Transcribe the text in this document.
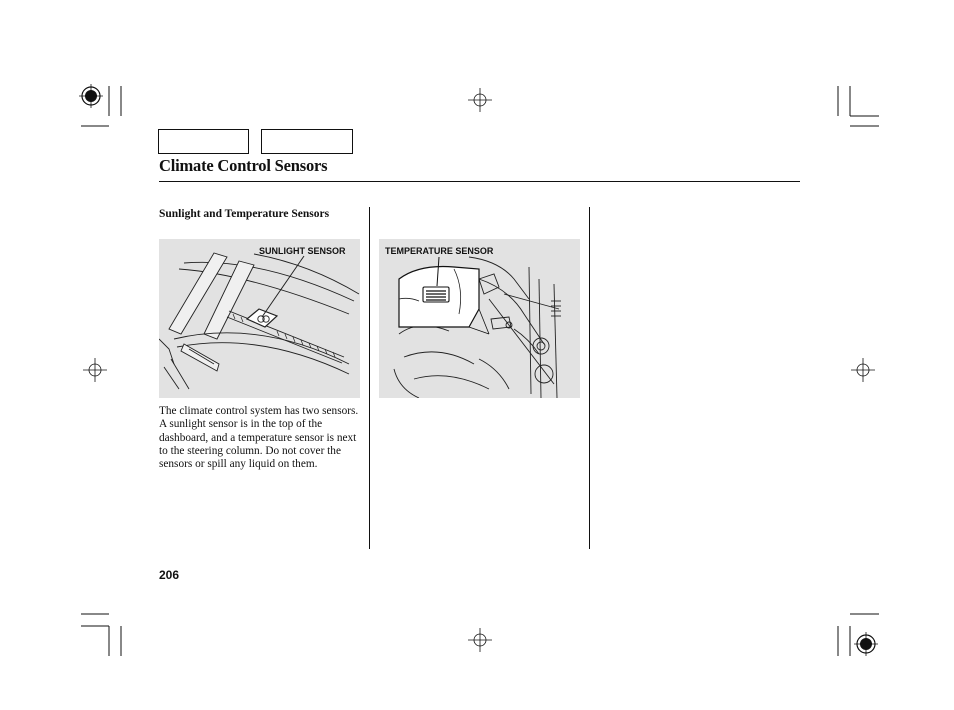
Climate Control Sensors
Sunlight and Temperature Sensors
SUNLIGHT SENSOR	TEMPERATURE SENSOR
The climate control system has two sensors. A sunlight sensor is in the top of the dashboard, and a temperature sensor is next to the steering column. Do not cover the sensors or spill any liquid on them.
206
